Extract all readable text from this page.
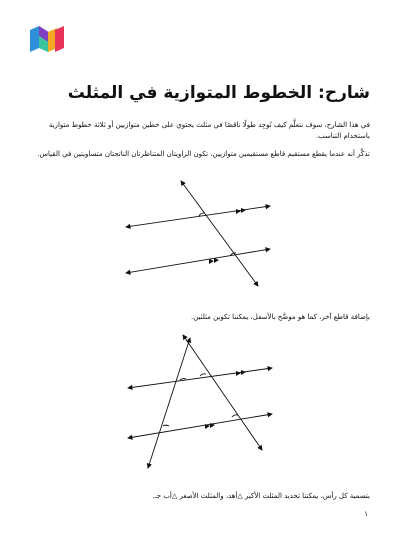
شارح: الخطوط المتوازية في المثلث

في هذا الشارح، سوف نتعلَّم كيف نُوجِد طولًا ناقصًا في مثلث يحتوي على خطين متوازيين أو ثلاثة خطوط متوازية باستخدام التناسب.

تذكَّر أنه عندما يقطع مستقيم قاطع مستقيمين متوازيين، تكون الزاويتان المتناظرتان الناتجتان متساويتين في القياس.

بإضافة قاطع آخر، كما هو موضَّح بالأسفل، يمكننا تكوين مثلثين.

بتسمية كل رأس، يمكننا تحديد المثلث الأكبر △أهد، والمثلث الأصغر △أب جـ.

١
